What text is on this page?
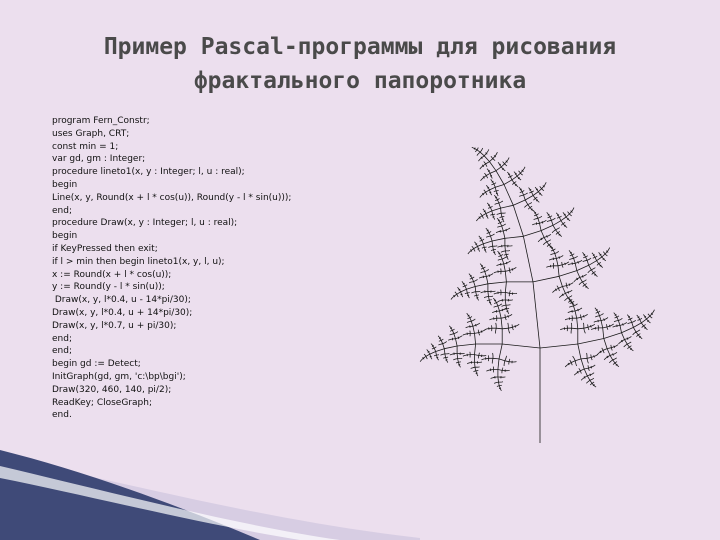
Пример Pascal-программы для рисования
фрактального папоротника
program Fern_Constr;
uses Graph, CRT;
const min = 1;
var gd, gm : Integer;
procedure lineto1(x, y : Integer; l, u : real);
begin
Line(x, y, Round(x + l * cos(u)), Round(y - l * sin(u)));
end;
procedure Draw(x, y : Integer; l, u : real);
begin
if KeyPressed then exit;
if l > min then begin lineto1(x, y, l, u);
x := Round(x + l * cos(u));
y := Round(y - l * sin(u));
Draw(x, y, l*0.4, u - 14*pi/30);
Draw(x, y, l*0.4, u + 14*pi/30);
Draw(x, y, l*0.7, u + pi/30);
end;
end;
begin gd := Detect;
InitGraph(gd, gm, 'c:\bp\bgi');
Draw(320, 460, 140, pi/2);
ReadKey; CloseGraph;
end.
